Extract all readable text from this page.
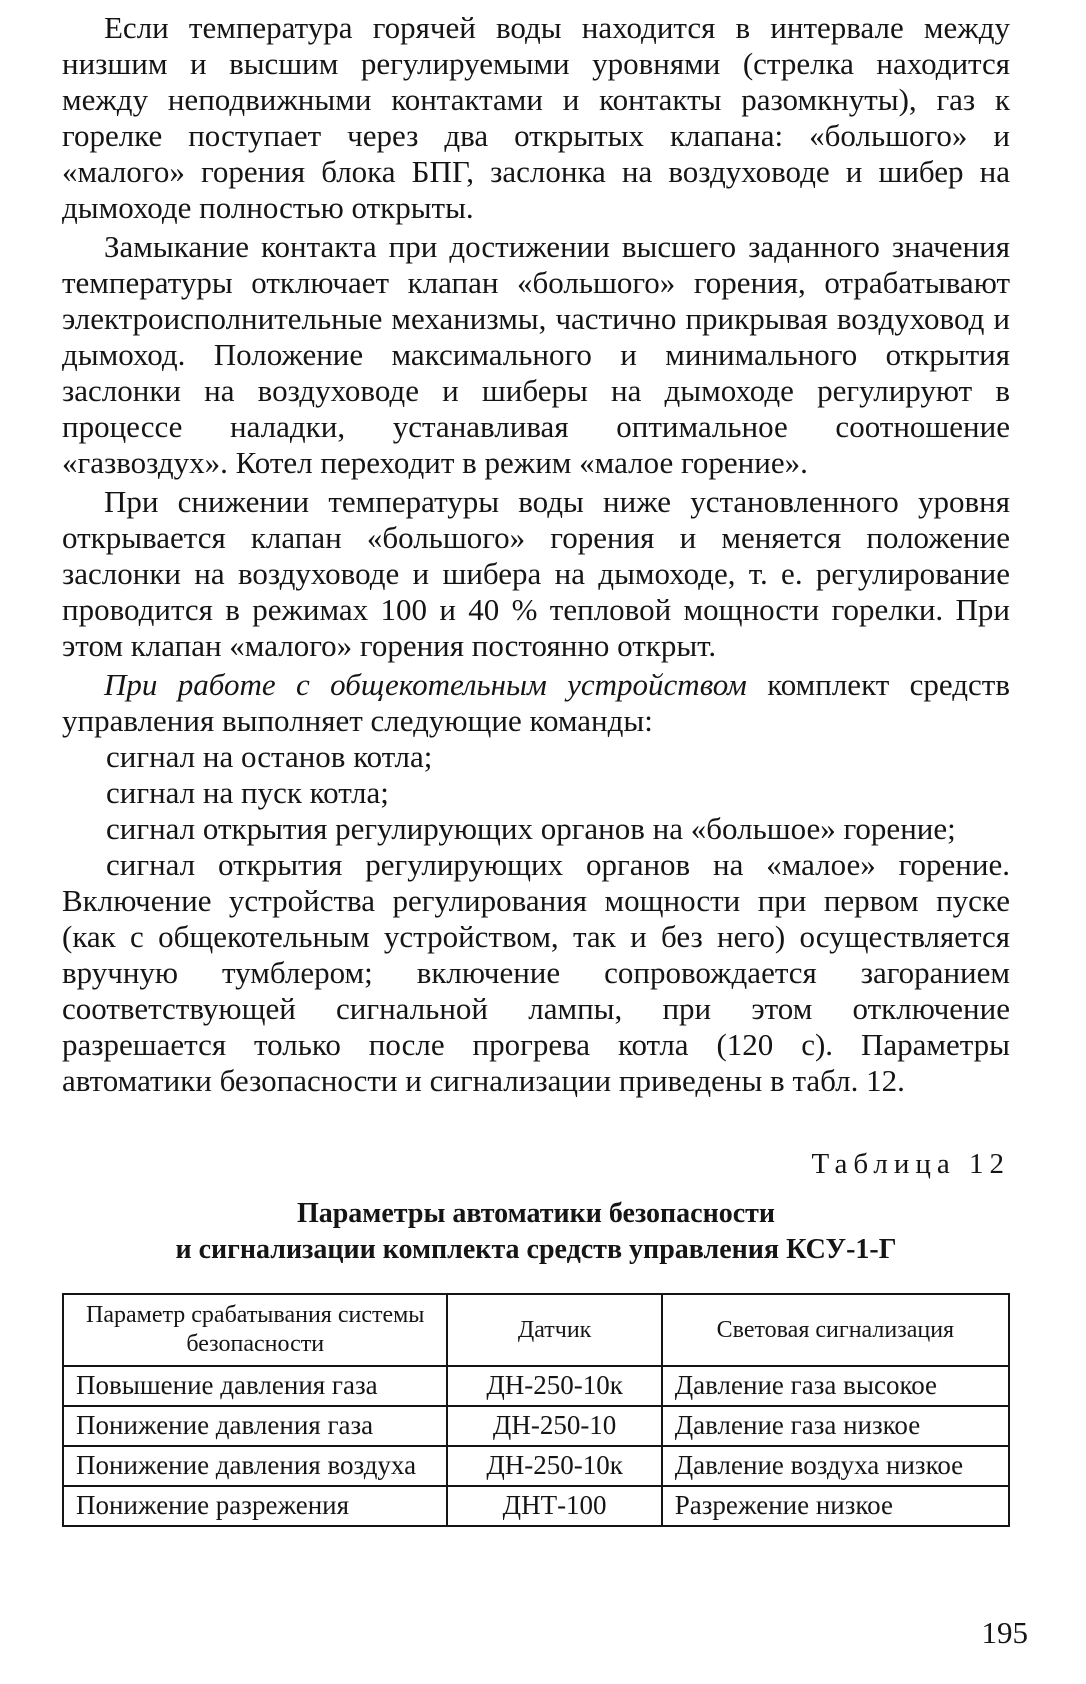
Если температура горячей воды находится в интервале между низшим и высшим регулируемыми уровнями (стрелка находится между неподвижными контактами и контакты разомкнуты), газ к горелке поступает через два открытых клапана: «большого» и «малого» горения блока БПГ, заслонка на воздуховоде и шибер на дымоходе полностью открыты.

Замыкание контакта при достижении высшего заданного значения температуры отключает клапан «большого» горения, отрабатывают электроисполнительные механизмы, частично прикрывая воздуховод и дымоход. Положение максимального и минимального открытия заслонки на воздуховоде и шиберы на дымоходе регулируют в процессе наладки, устанавливая оптимальное соотношение «газвоздух». Котел переходит в режим «малое горение».

При снижении температуры воды ниже установленного уровня открывается клапан «большого» горения и меняется положение заслонки на воздуховоде и шибера на дымоходе, т. е. регулирование проводится в режимах 100 и 40 % тепловой мощности горелки. При этом клапан «малого» горения постоянно открыт.

При работе с общекотельным устройством комплект средств управления выполняет следующие команды:

сигнал на останов котла;

сигнал на пуск котла;

сигнал открытия регулирующих органов на «большое» горение;

сигнал открытия регулирующих органов на «малое» горение.

Включение устройства регулирования мощности при первом пуске (как с общекотельным устройством, так и без него) осуществляется вручную тумблером; включение сопровождается загоранием соответствующей сигнальной лампы, при этом отключение разрешается только после прогрева котла (120 с). Параметры автоматики безопасности и сигнализации приведены в табл. 12.

Таблица 12
Параметры автоматики безопасности
и сигнализации комплекта средств управления КСУ-1-Г
Параметр срабатывания системы безопасности	Датчик	Световая сигнализация
Повышение давления газа	ДН-250-10к	Давление газа высокое
Понижение давления газа	ДН-250-10	Давление газа низкое
Понижение давления воздуха	ДН-250-10к	Давление воздуха низкое
Понижение разрежения	ДНТ-100	Разрежение низкое
195
